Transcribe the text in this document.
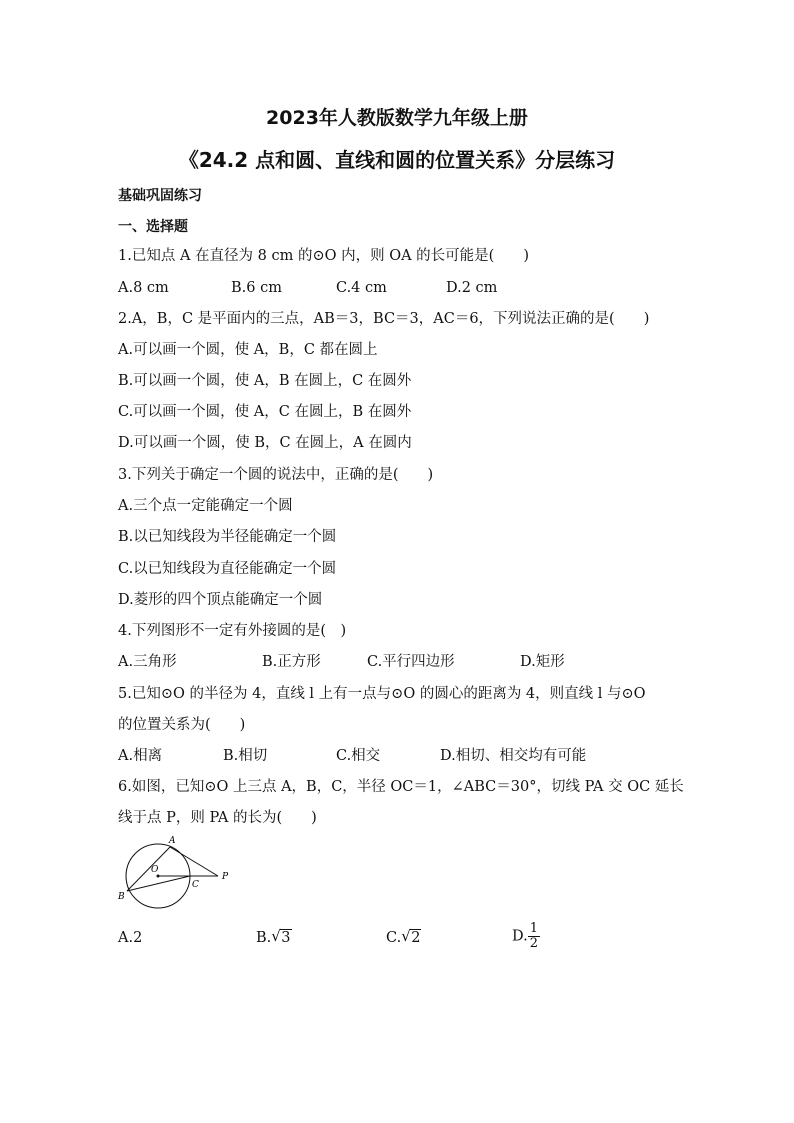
2023年人教版数学九年级上册
《24.2 点和圆、直线和圆的位置关系》分层练习
基础巩固练习
一、选择题
1.已知点 A 在直径为 8 cm 的⊙O 内，则 OA 的长可能是(　　)
A.8 cm	B.6 cm	C.4 cm	D.2 cm
2.A，B，C 是平面内的三点，AB＝3，BC＝3，AC＝6，下列说法正确的是(　　)
A.可以画一个圆，使 A，B，C 都在圆上
B.可以画一个圆，使 A，B 在圆上，C 在圆外
C.可以画一个圆，使 A，C 在圆上，B 在圆外
D.可以画一个圆，使 B，C 在圆上，A 在圆内
3.下列关于确定一个圆的说法中，正确的是(　　)
A.三个点一定能确定一个圆
B.以已知线段为半径能确定一个圆
C.以已知线段为直径能确定一个圆
D.菱形的四个顶点能确定一个圆
4.下列图形不一定有外接圆的是(　)
A.三角形	B.正方形	C.平行四边形	D.矩形
5.已知⊙O 的半径为 4，直线 l 上有一点与⊙O 的圆心的距离为 4，则直线 l 与⊙O
的位置关系为(　　)
A.相离	B.相切	C.相交	D.相切、相交均有可能
6.如图，已知⊙O 上三点 A，B，C，半径 OC＝1，∠ABC＝30°，切线 PA 交 OC 延长
线于点 P，则 PA 的长为(　　)
A
O
C
P
B
A.2	B. √ 3	C. √ 2	D. $\frac{1}{2}$
